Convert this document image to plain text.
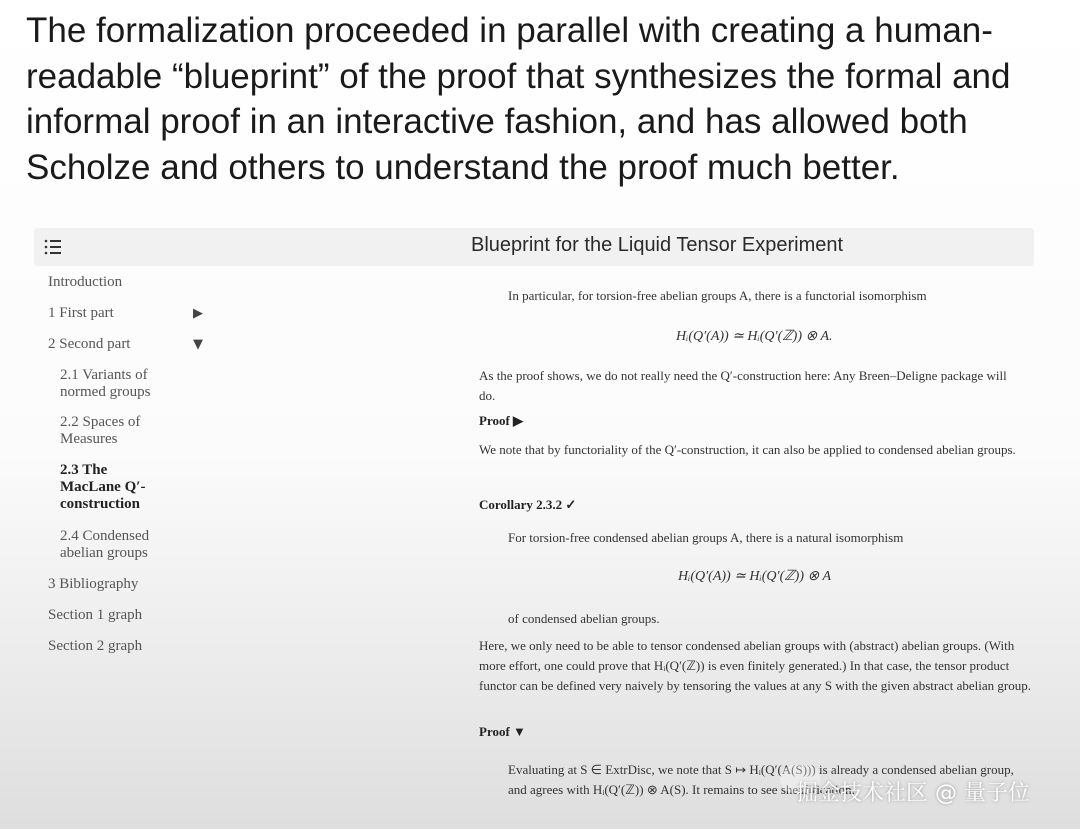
The formalization proceeded in parallel with creating a human-readable “blueprint” of the proof that synthesizes the formal and informal proof in an interactive fashion, and has allowed both Scholze and others to understand the proof much better.

Blueprint for the Liquid Tensor Experiment
Introduction
1 First part	▶
2 Second part	▼
2.1 Variants of normed groups
2.2 Spaces of Measures
2.3 The MacLane Q′-construction
2.4 Condensed abelian groups
3 Bibliography
Section 1 graph
Section 2 graph
In particular, for torsion-free abelian groups A, there is a functorial isomorphism
Hᵢ(Q′(A)) ≃ Hᵢ(Q′(ℤ)) ⊗ A.
As the proof shows, we do not really need the Q′-construction here: Any Breen–Deligne package will do.
Proof ▶
We note that by functoriality of the Q′-construction, it can also be applied to condensed abelian groups.
Corollary 2.3.2 ✓
For torsion-free condensed abelian groups A, there is a natural isomorphism
Hᵢ(Q′(A)) ≃ Hᵢ(Q′(ℤ)) ⊗ A
of condensed abelian groups.
Here, we only need to be able to tensor condensed abelian groups with (abstract) abelian groups. (With more effort, one could prove that Hᵢ(Q′(ℤ)) is even finitely generated.) In that case, the tensor product functor can be defined very naively by tensoring the values at any S with the given abstract abelian group.
Proof ▼
Evaluating at S ∈ ExtrDisc, we note that S ↦ Hᵢ(Q′(A(S))) is already a condensed abelian group, and agrees with Hᵢ(Q′(ℤ)) ⊗ A(S). It remains to see sheafification.
掘金技术社区 @ 量子位
